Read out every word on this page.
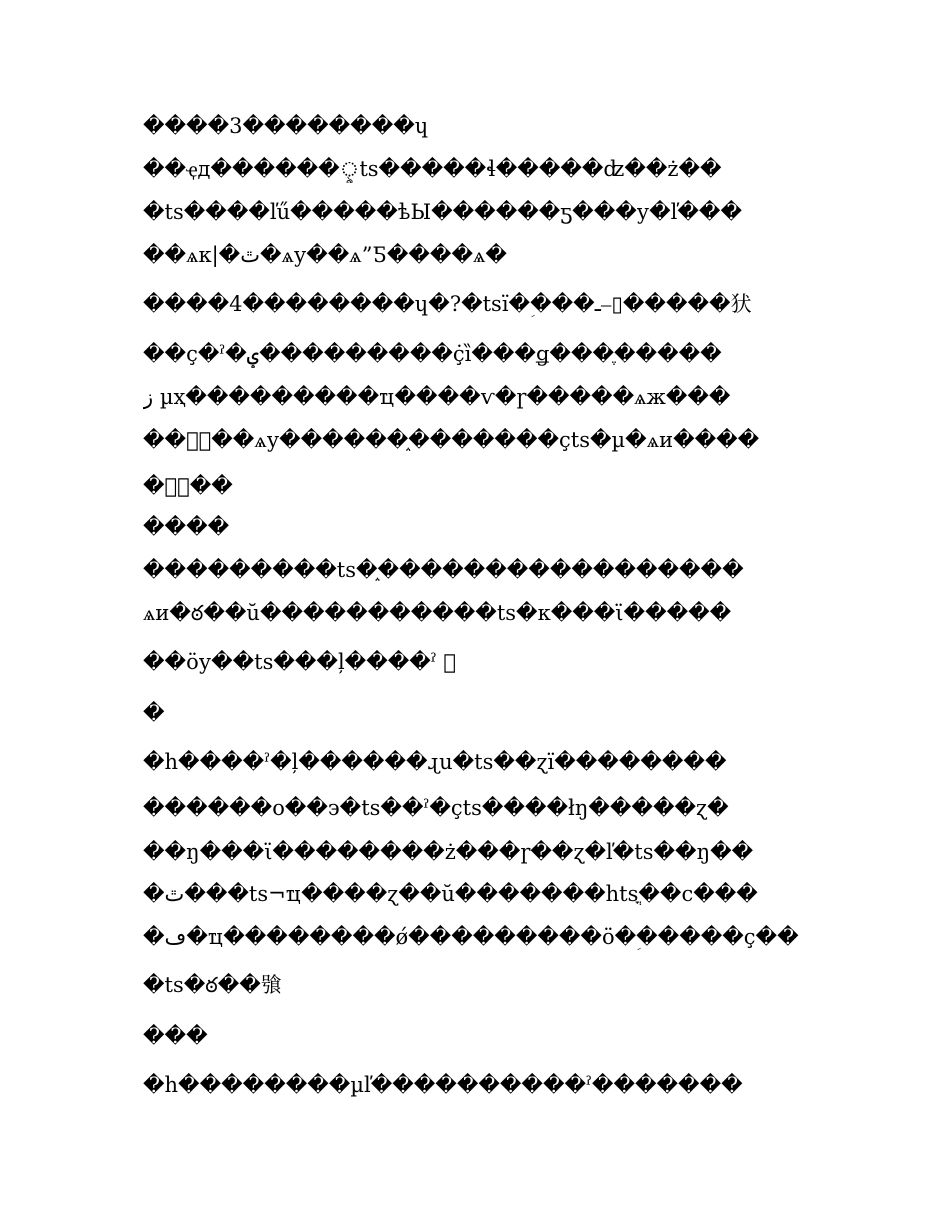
����3��������ɥ
��ҿд������ৢts�����ɬ�����ʣ��ż��
�ts����ľű�����ѣЫ������ƽ���у�ľ���
��ѧκ|�ٿ�ѧу��ѧ”Ƽ����ѧ�
����4��������ɥ�?�tsï�ؚ���ـ⎯▯�����犾
��ç�ˀ�ؠ���������ҫ̇ȉ���ǥ���ֶ�����
ز µҳ���������ҵ����ѵ�ɼ�����ѧж���
��⃞⃞��ѧу������֑�������ҫts�µ�ѧи����
�⃞⃞��
����
���������ts�֑����������������̄�
ѧи�ఠ��ŭ�����������ts�к���ϊ�����
��öу��ts���ļ����ˀ ⃞
�
�h����ˀ�ļ������ɻu�ts��ɀï��������
������o��э�ts��ˀ�ҫts����łŋ�����ɀ�
��ŋ���ϊ��������ż���ɼ��ɀ�ľ�ts��ŋ��
�ٿ���ts¬ҵ����ɀ��ŭ�������htsֳ��c���
�ڡ�ҵ��������ǿ���������ö�ؚ�����ç��
�ts�ఠ��飸
���
�h��������µľ����������ˀ�������
